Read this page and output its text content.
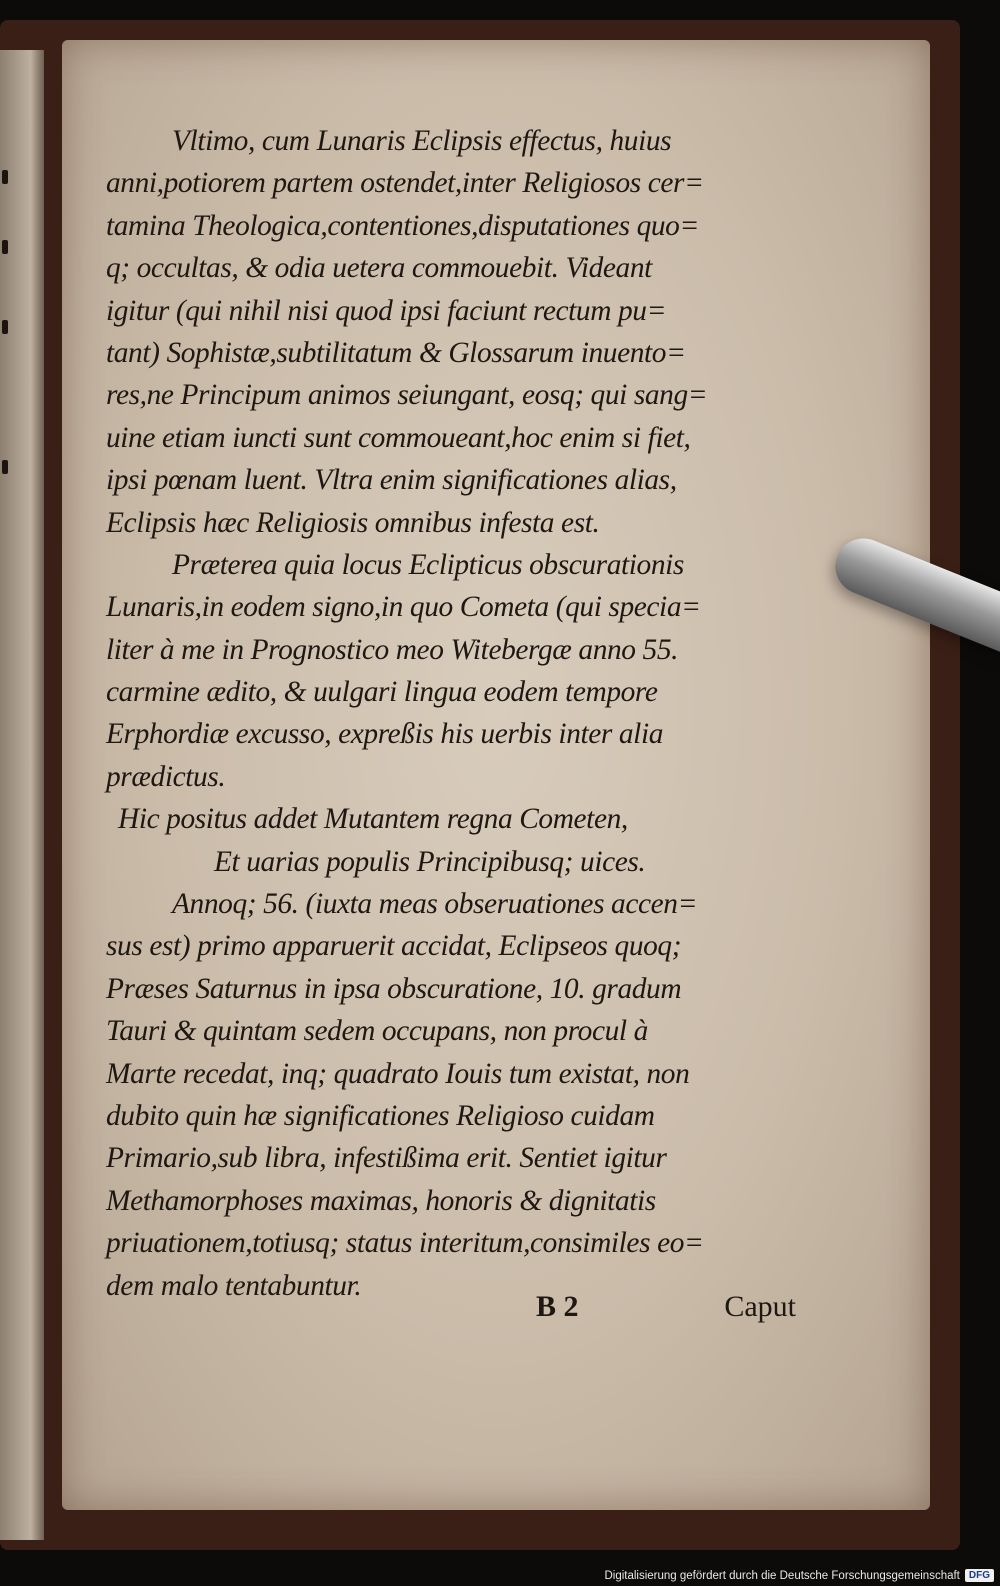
Vltimo, cum Lunaris Eclipsis effectus, huius
anni,potiorem partem ostendet,inter Religiosos cer=
tamina Theologica,contentiones,disputationes quo=
q; occultas, & odia uetera commouebit. Videant
igitur (qui nihil nisi quod ipsi faciunt rectum pu=
tant) Sophistæ,subtilitatum & Glossarum inuento=
res,ne Principum animos seiungant, eosq; qui sang=
uine etiam iuncti sunt commoueant,hoc enim si fiet,
ipsi pœnam luent. Vltra enim significationes alias,
Eclipsis hæc Religiosis omnibus infesta est.
Præterea quia locus Eclipticus obscurationis
Lunaris,in eodem signo,in quo Cometa (qui specia=
liter à me in Prognostico meo Witebergæ anno 55.
carmine ædito, & uulgari lingua eodem tempore
Erphordiæ excusso, expreßis his uerbis inter alia
prædictus.
Hic positus addet Mutantem regna Cometen,
Et uarias populis Principibusq; uices.
Annoq; 56. (iuxta meas obseruationes accen=
sus est) primo apparuerit accidat, Eclipseos quoq;
Præses Saturnus in ipsa obscuratione, 10. gradum
Tauri & quintam sedem occupans, non procul à
Marte recedat, inq; quadrato Iouis tum existat, non
dubito quin hæ significationes Religioso cuidam
Primario,sub libra, infestißima erit. Sentiet igitur
Methamorphoses maximas, honoris & dignitatis
priuationem,totiusq; status interitum,consimiles eo=
dem malo tentabuntur.
B 2	Caput
Digitalisierung gefördert durch die Deutsche Forschungsgemeinschaft DFG
